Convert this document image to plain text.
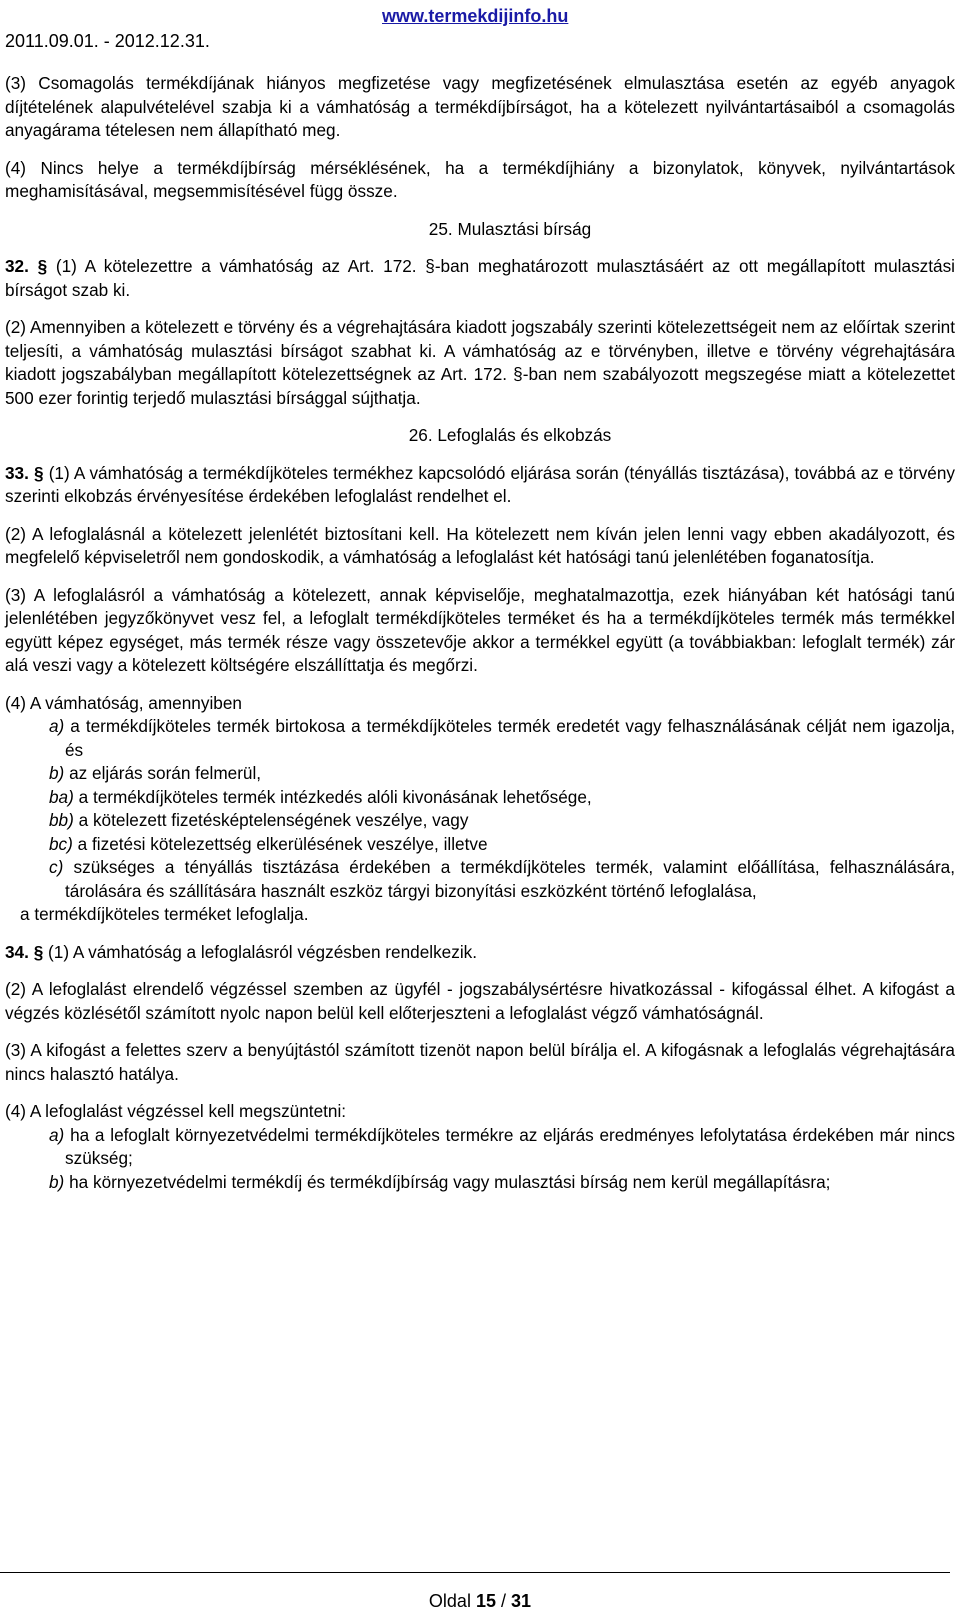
www.termekdijinfo.hu
2011.09.01. - 2012.12.31.

(3) Csomagolás termékdíjának hiányos megfizetése vagy megfizetésének elmulasztása esetén az egyéb anyagok díjtételének alapulvételével szabja ki a vámhatóság a termékdíjbírságot, ha a kötelezett nyilvántartásaiból a csomagolás anyagárama tételesen nem állapítható meg.

(4) Nincs helye a termékdíjbírság mérséklésének, ha a termékdíjhiány a bizonylatok, könyvek, nyilvántartások meghamisításával, megsemmisítésével függ össze.

25. Mulasztási bírság

32. § (1) A kötelezettre a vámhatóság az Art. 172. §-ban meghatározott mulasztásáért az ott megállapított mulasztási bírságot szab ki.

(2) Amennyiben a kötelezett e törvény és a végrehajtására kiadott jogszabály szerinti kötelezettségeit nem az előírtak szerint teljesíti, a vámhatóság mulasztási bírságot szabhat ki. A vámhatóság az e törvényben, illetve e törvény végrehajtására kiadott jogszabályban megállapított kötelezettségnek az Art. 172. §-ban nem szabályozott megszegése miatt a kötelezettet 500 ezer forintig terjedő mulasztási bírsággal sújthatja.

26. Lefoglalás és elkobzás

33. § (1) A vámhatóság a termékdíjköteles termékhez kapcsolódó eljárása során (tényállás tisztázása), továbbá az e törvény szerinti elkobzás érvényesítése érdekében lefoglalást rendelhet el.

(2) A lefoglalásnál a kötelezett jelenlétét biztosítani kell. Ha kötelezett nem kíván jelen lenni vagy ebben akadályozott, és megfelelő képviseletről nem gondoskodik, a vámhatóság a lefoglalást két hatósági tanú jelenlétében foganatosítja.

(3) A lefoglalásról a vámhatóság a kötelezett, annak képviselője, meghatalmazottja, ezek hiányában két hatósági tanú jelenlétében jegyzőkönyvet vesz fel, a lefoglalt termékdíjköteles terméket és ha a termékdíjköteles termék más termékkel együtt képez egységet, más termék része vagy összetevője akkor a termékkel együtt (a továbbiakban: lefoglalt termék) zár alá veszi vagy a kötelezett költségére elszállíttatja és megőrzi.

(4) A vámhatóság, amennyiben
a) a termékdíjköteles termék birtokosa a termékdíjköteles termék eredetét vagy felhasználásának célját nem igazolja, és
b) az eljárás során felmerül,
ba) a termékdíjköteles termék intézkedés alóli kivonásának lehetősége,
bb) a kötelezett fizetésképtelenségének veszélye, vagy
bc) a fizetési kötelezettség elkerülésének veszélye, illetve
c) szükséges a tényállás tisztázása érdekében a termékdíjköteles termék, valamint előállítása, felhasználására, tárolására és szállítására használt eszköz tárgyi bizonyítási eszközként történő lefoglalása,
a termékdíjköteles terméket lefoglalja.

34. § (1) A vámhatóság a lefoglalásról végzésben rendelkezik.

(2) A lefoglalást elrendelő végzéssel szemben az ügyfél - jogszabálysértésre hivatkozással - kifogással élhet. A kifogást a végzés közlésétől számított nyolc napon belül kell előterjeszteni a lefoglalást végző vámhatóságnál.

(3) A kifogást a felettes szerv a benyújtástól számított tizenöt napon belül bírálja el. A kifogásnak a lefoglalás végrehajtására nincs halasztó hatálya.

(4) A lefoglalást végzéssel kell megszüntetni:
a) ha a lefoglalt környezetvédelmi termékdíjköteles termékre az eljárás eredményes lefolytatása érdekében már nincs szükség;
b) ha környezetvédelmi termékdíj és termékdíjbírság vagy mulasztási bírság nem kerül megállapításra;
Oldal 15 / 31
